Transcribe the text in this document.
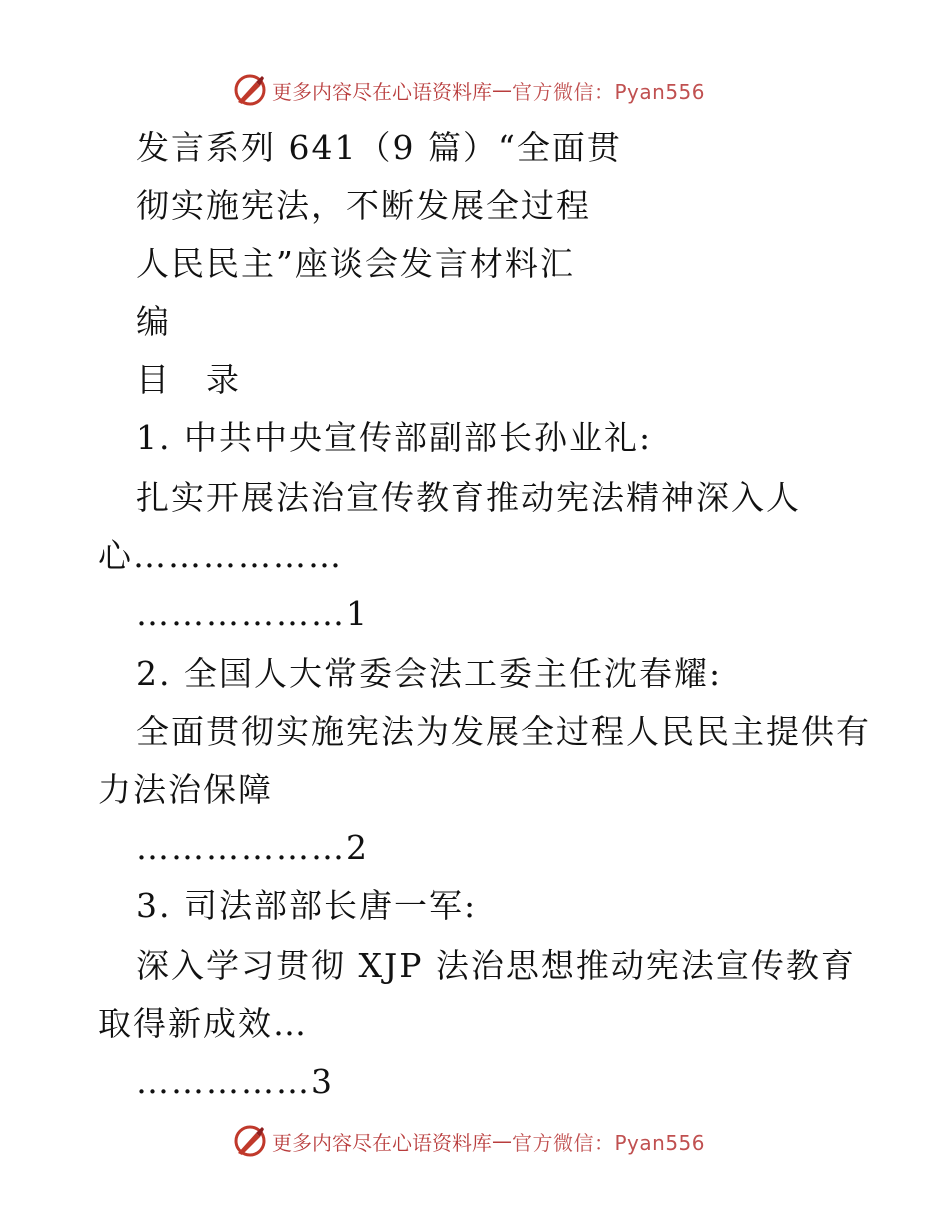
更多内容尽在心语资料库 — 官方微信：Pyan556
发言系列 641（9 篇）“全面贯
彻实施宪法，不断发展全过程
人民民主”座谈会发言材料汇
编
目　录
1. 中共中央宣传部副部长孙业礼:
扎实开展法治宣传教育推动宪法精神深入人
心………………
………………1
2. 全国人大常委会法工委主任沈春耀:
全面贯彻实施宪法为发展全过程人民民主提供有
力法治保障
………………2
3. 司法部部长唐一军:
深入学习贯彻 XJP 法治思想推动宪法宣传教育
取得新成效…
……………3
更多内容尽在心语资料库 — 官方微信：Pyan556
